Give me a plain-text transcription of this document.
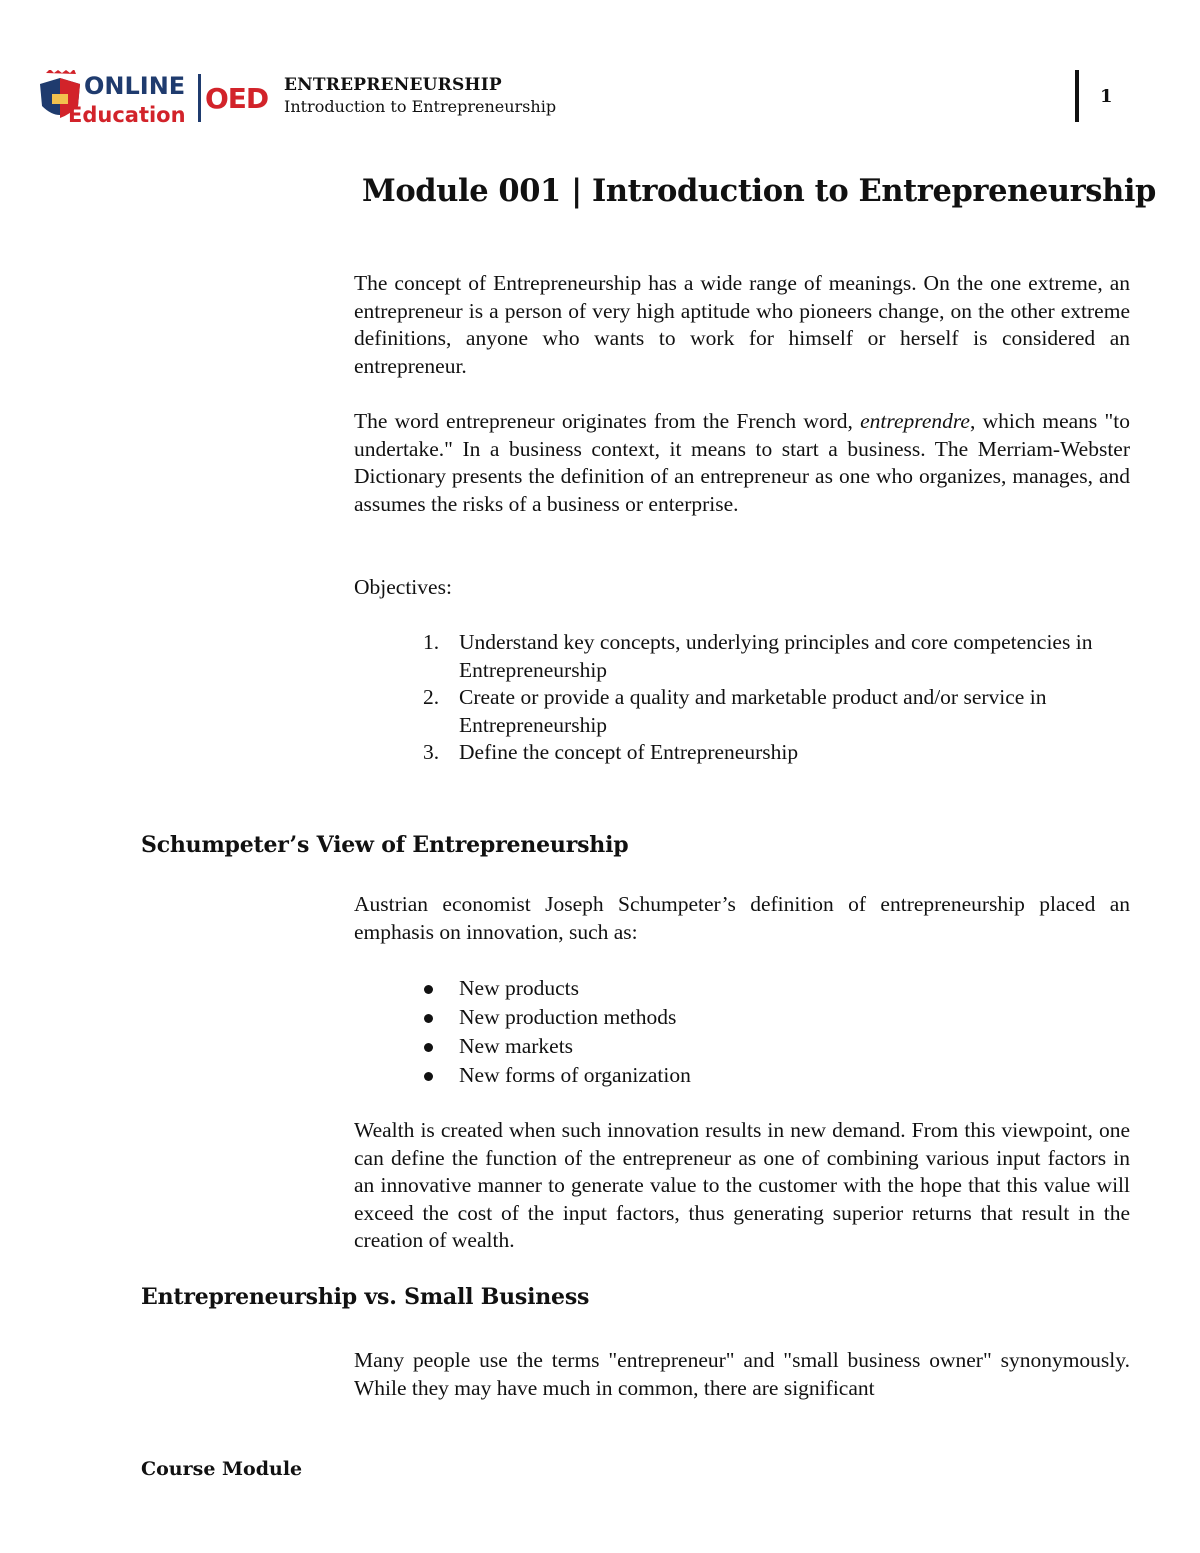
ONLINE
Education OED ENTREPRENEURSHIP
Introduction to Entrepreneurship	1
Module 001 | Introduction to Entrepreneurship

The concept of Entrepreneurship has a wide range of meanings. On the one extreme, an entrepreneur is a person of very high aptitude who pioneers change, on the other extreme definitions, anyone who wants to work for himself or herself is considered an entrepreneur.

The word entrepreneur originates from the French word, entreprendre, which means "to undertake." In a business context, it means to start a business. The Merriam-Webster Dictionary presents the definition of an entrepreneur as one who organizes, manages, and assumes the risks of a business or enterprise.

Objectives:

1. Understand key concepts, underlying principles and core competencies in Entrepreneurship
2. Create or provide a quality and marketable product and/or service in Entrepreneurship
3. Define the concept of Entrepreneurship
Schumpeter’s View of Entrepreneurship

Austrian economist Joseph Schumpeter’s definition of entrepreneurship placed an emphasis on innovation, such as:

New products
New production methods
New markets
New forms of organization

Wealth is created when such innovation results in new demand. From this viewpoint, one can define the function of the entrepreneur as one of combining various input factors in an innovative manner to generate value to the customer with the hope that this value will exceed the cost of the input factors, thus generating superior returns that result in the creation of wealth.

Entrepreneurship vs. Small Business

Many people use the terms "entrepreneur" and "small business owner" synonymously. While they may have much in common, there are significant

Course Module
